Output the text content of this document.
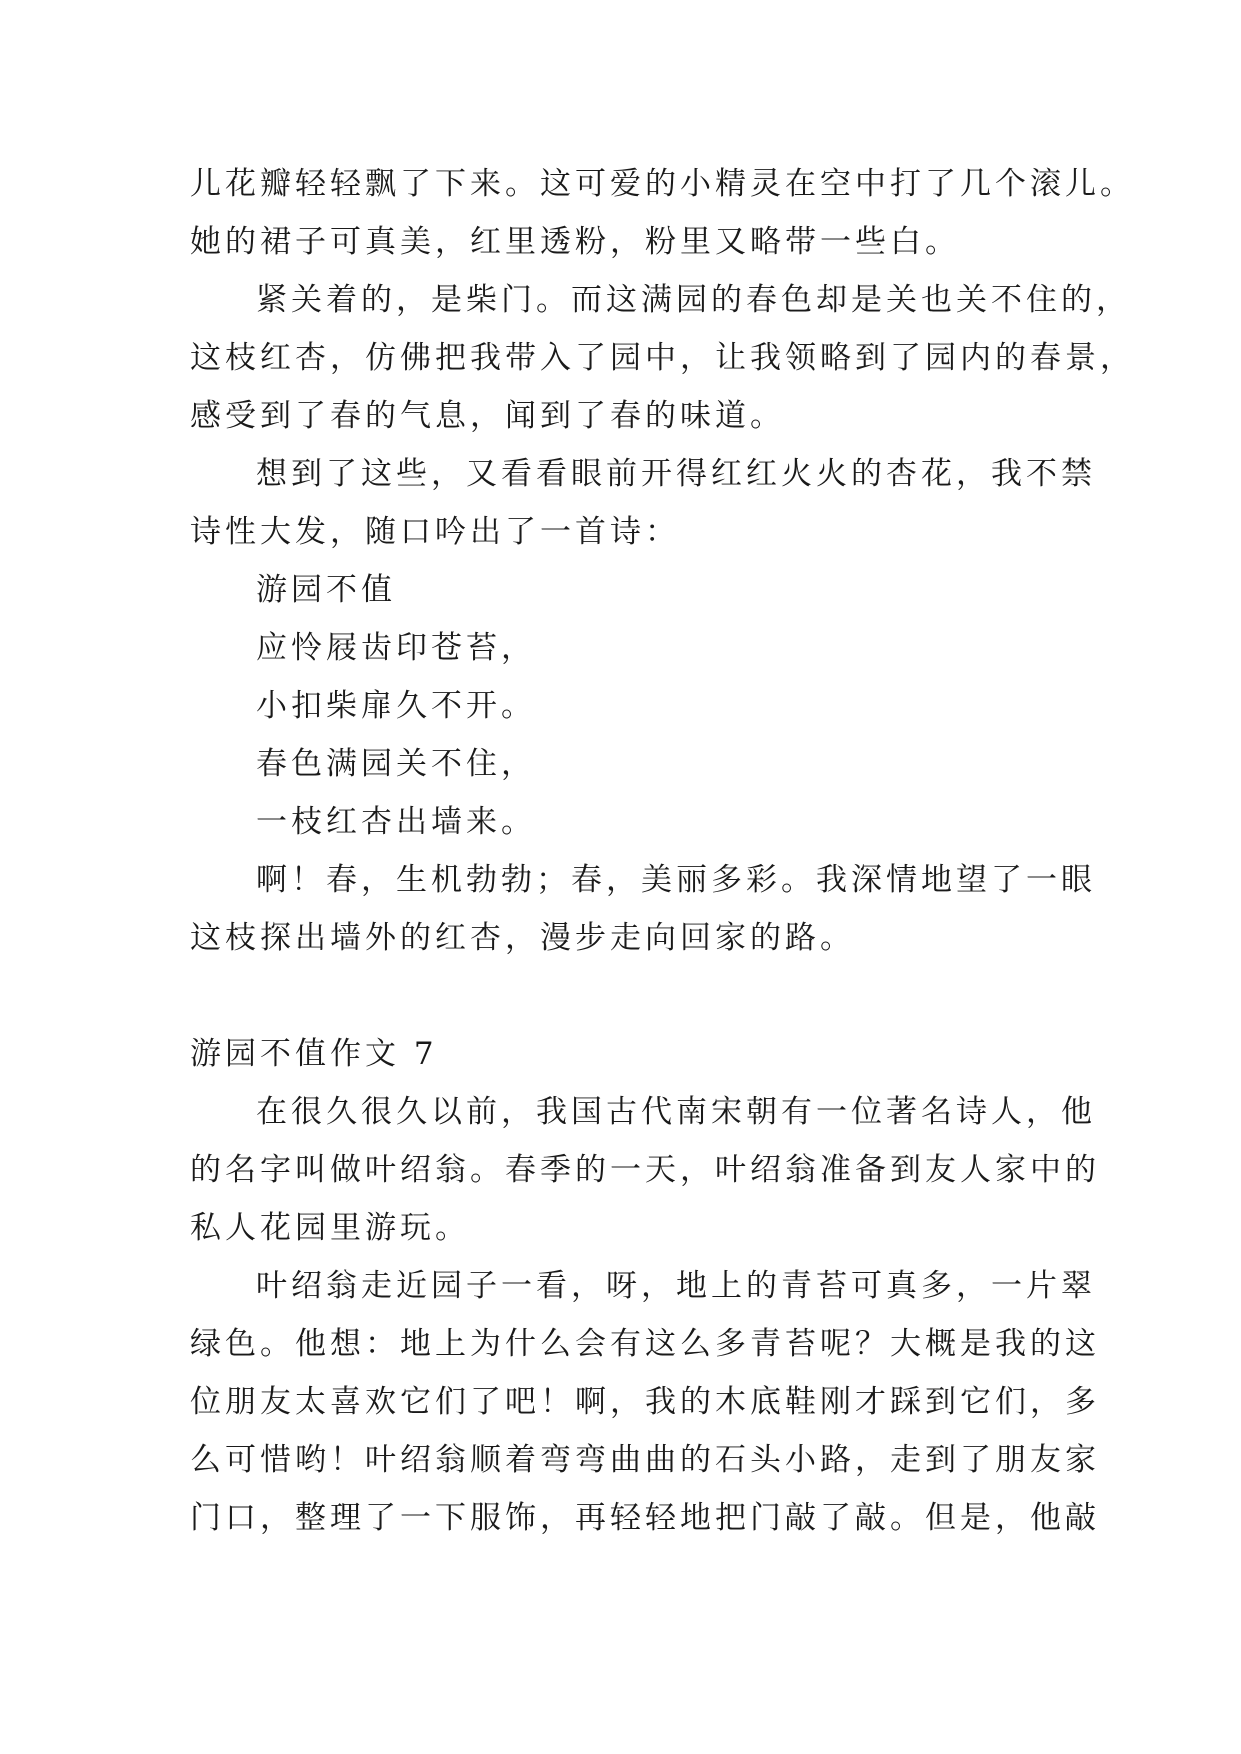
儿花瓣轻轻飘了下来。这可爱的小精灵在空中打了几个滚儿。
她的裙子可真美，红里透粉，粉里又略带一些白。
紧关着的，是柴门。而这满园的春色却是关也关不住的，
这枝红杏，仿佛把我带入了园中，让我领略到了园内的春景，
感受到了春的气息，闻到了春的味道。
想到了这些，又看看眼前开得红红火火的杏花，我不禁
诗性大发，随口吟出了一首诗：
游园不值
应怜屐齿印苍苔，
小扣柴扉久不开。
春色满园关不住，
一枝红杏出墙来。
啊！春，生机勃勃；春，美丽多彩。我深情地望了一眼
这枝探出墙外的红杏，漫步走向回家的路。
游园不值作文 7
在很久很久以前，我国古代南宋朝有一位著名诗人，他
的名字叫做叶绍翁。春季的一天，叶绍翁准备到友人家中的
私人花园里游玩。
叶绍翁走近园子一看，呀，地上的青苔可真多，一片翠
绿色。他想：地上为什么会有这么多青苔呢？大概是我的这
位朋友太喜欢它们了吧！啊，我的木底鞋刚才踩到它们，多
么可惜哟！叶绍翁顺着弯弯曲曲的石头小路，走到了朋友家
门口，整理了一下服饰，再轻轻地把门敲了敲。但是，他敲
